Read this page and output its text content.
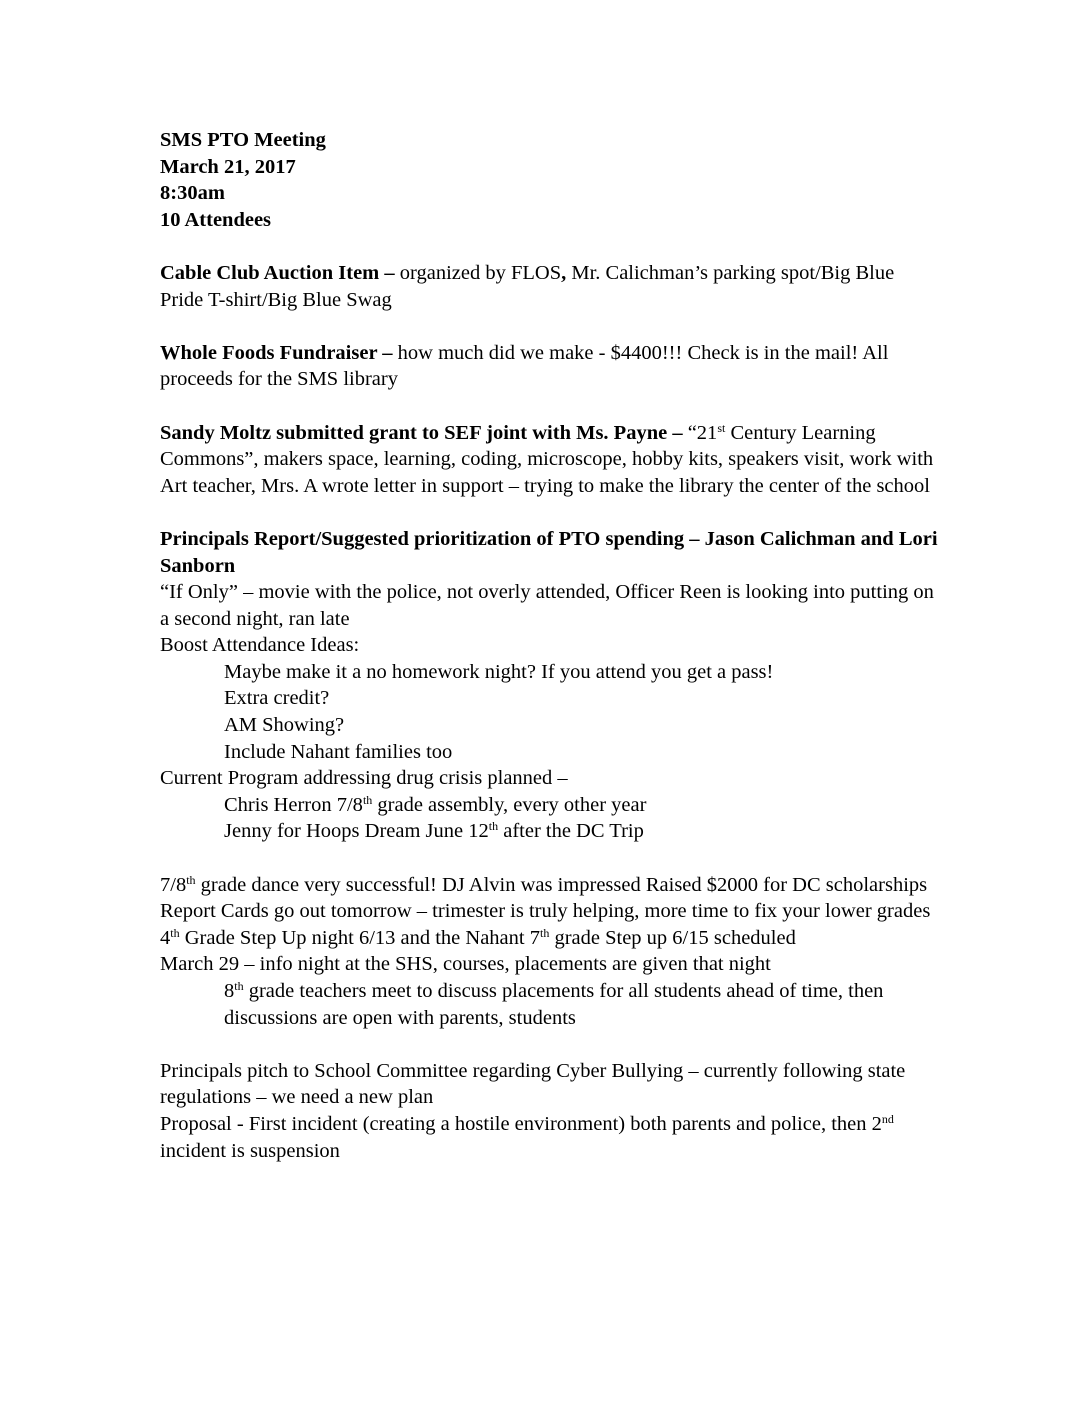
SMS PTO Meeting
March 21, 2017
8:30am
10 Attendees

Cable Club Auction Item – organized by FLOS, Mr. Calichman’s parking spot/Big Blue Pride T-shirt/Big Blue Swag

Whole Foods Fundraiser – how much did we make - $4400!!! Check is in the mail! All proceeds for the SMS library

Sandy Moltz submitted grant to SEF joint with Ms. Payne – “21st Century Learning Commons”, makers space, learning, coding, microscope, hobby kits, speakers visit, work with Art teacher, Mrs. A wrote letter in support – trying to make the library the center of the school

Principals Report/Suggested prioritization of PTO spending – Jason Calichman and Lori Sanborn

“If Only” – movie with the police, not overly attended, Officer Reen is looking into putting on a second night, ran late

Boost Attendance Ideas:

Maybe make it a no homework night? If you attend you get a pass!

Extra credit?

AM Showing?

Include Nahant families too

Current Program addressing drug crisis planned –

Chris Herron 7/8th grade assembly, every other year

Jenny for Hoops Dream June 12th after the DC Trip

7/8th grade dance very successful! DJ Alvin was impressed Raised $2000 for DC scholarships

Report Cards go out tomorrow – trimester is truly helping, more time to fix your lower grades

4th Grade Step Up night 6/13 and the Nahant 7th grade Step up 6/15 scheduled

March 29 – info night at the SHS, courses, placements are given that night

8th grade teachers meet to discuss placements for all students ahead of time, then discussions are open with parents, students

Principals pitch to School Committee regarding Cyber Bullying – currently following state regulations – we need a new plan

Proposal - First incident (creating a hostile environment) both parents and police, then 2nd incident is suspension
